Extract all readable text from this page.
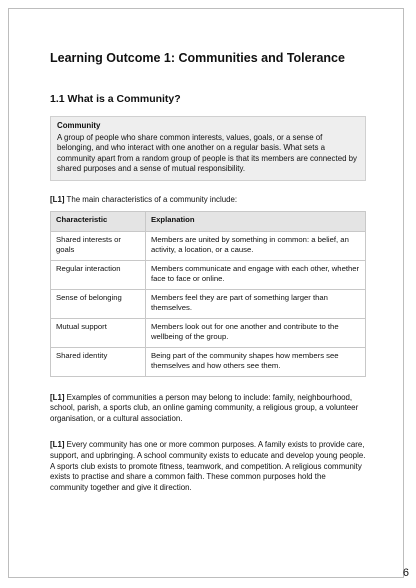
Learning Outcome 1: Communities and Tolerance
1.1 What is a Community?
Community
A group of people who share common interests, values, goals, or a sense of belonging, and who interact with one another on a regular basis. What sets a community apart from a random group of people is that its members are connected by shared purposes and a sense of mutual responsibility.

[L1] The main characteristics of a community include:

Characteristic	Explanation
Shared interests or goals	Members are united by something in common: a belief, an activity, a location, or a cause.
Regular interaction	Members communicate and engage with each other, whether face to face or online.
Sense of belonging	Members feel they are part of something larger than themselves.
Mutual support	Members look out for one another and contribute to the wellbeing of the group.
Shared identity	Being part of the community shapes how members see themselves and how others see them.

[L1] Examples of communities a person may belong to include: family, neighbourhood, school, parish, a sports club, an online gaming community, a religious group, a volunteer organisation, or a cultural association.

[L1] Every community has one or more common purposes. A family exists to provide care, support, and upbringing. A school community exists to educate and develop young people. A sports club exists to promote fitness, teamwork, and competition. A religious community exists to practise and share a common faith. These common purposes hold the community together and give it direction.

6
